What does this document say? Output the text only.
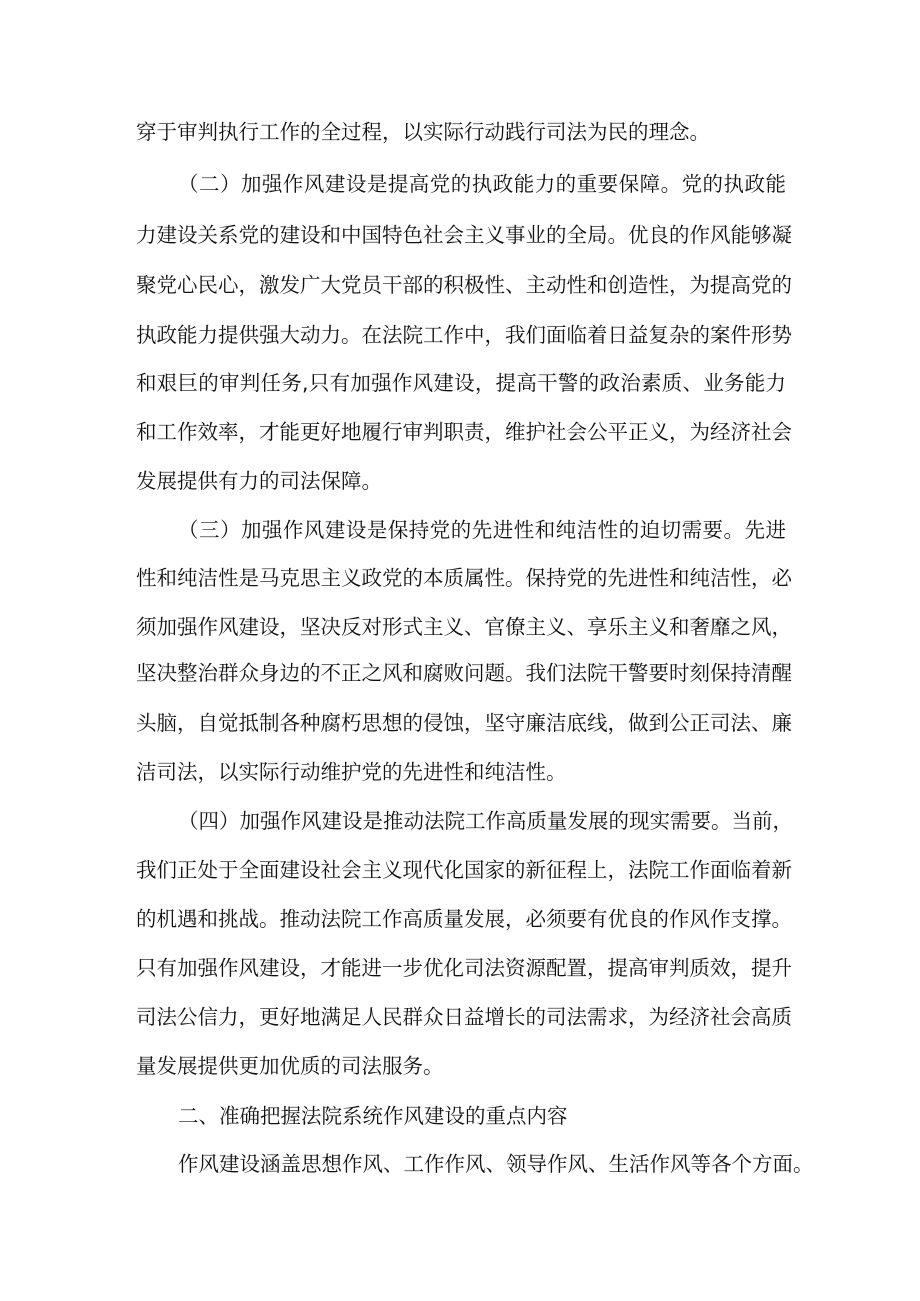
穿于审判执行工作的全过程，以实际行动践行司法为民的理念。
（二）加强作风建设是提高党的执政能力的重要保障。党的执政能
力建设关系党的建设和中国特色社会主义事业的全局。优良的作风能够凝
聚党心民心，激发广大党员干部的积极性、主动性和创造性，为提高党的
执政能力提供强大动力。在法院工作中，我们面临着日益复杂的案件形势
和艰巨的审判任务,只有加强作风建设，提高干警的政治素质、业务能力
和工作效率，才能更好地履行审判职责，维护社会公平正义，为经济社会
发展提供有力的司法保障。
（三）加强作风建设是保持党的先进性和纯洁性的迫切需要。先进
性和纯洁性是马克思主义政党的本质属性。保持党的先进性和纯洁性，必
须加强作风建设，坚决反对形式主义、官僚主义、享乐主义和奢靡之风，
坚决整治群众身边的不正之风和腐败问题。我们法院干警要时刻保持清醒
头脑，自觉抵制各种腐朽思想的侵蚀，坚守廉洁底线，做到公正司法、廉
洁司法，以实际行动维护党的先进性和纯洁性。
（四）加强作风建设是推动法院工作高质量发展的现实需要。当前，
我们正处于全面建设社会主义现代化国家的新征程上，法院工作面临着新
的机遇和挑战。推动法院工作高质量发展，必须要有优良的作风作支撑。
只有加强作风建设，才能进一步优化司法资源配置，提高审判质效，提升
司法公信力，更好地满足人民群众日益增长的司法需求，为经济社会高质
量发展提供更加优质的司法服务。
二、准确把握法院系统作风建设的重点内容
作风建设涵盖思想作风、工作作风、领导作风、生活作风等各个方面。
